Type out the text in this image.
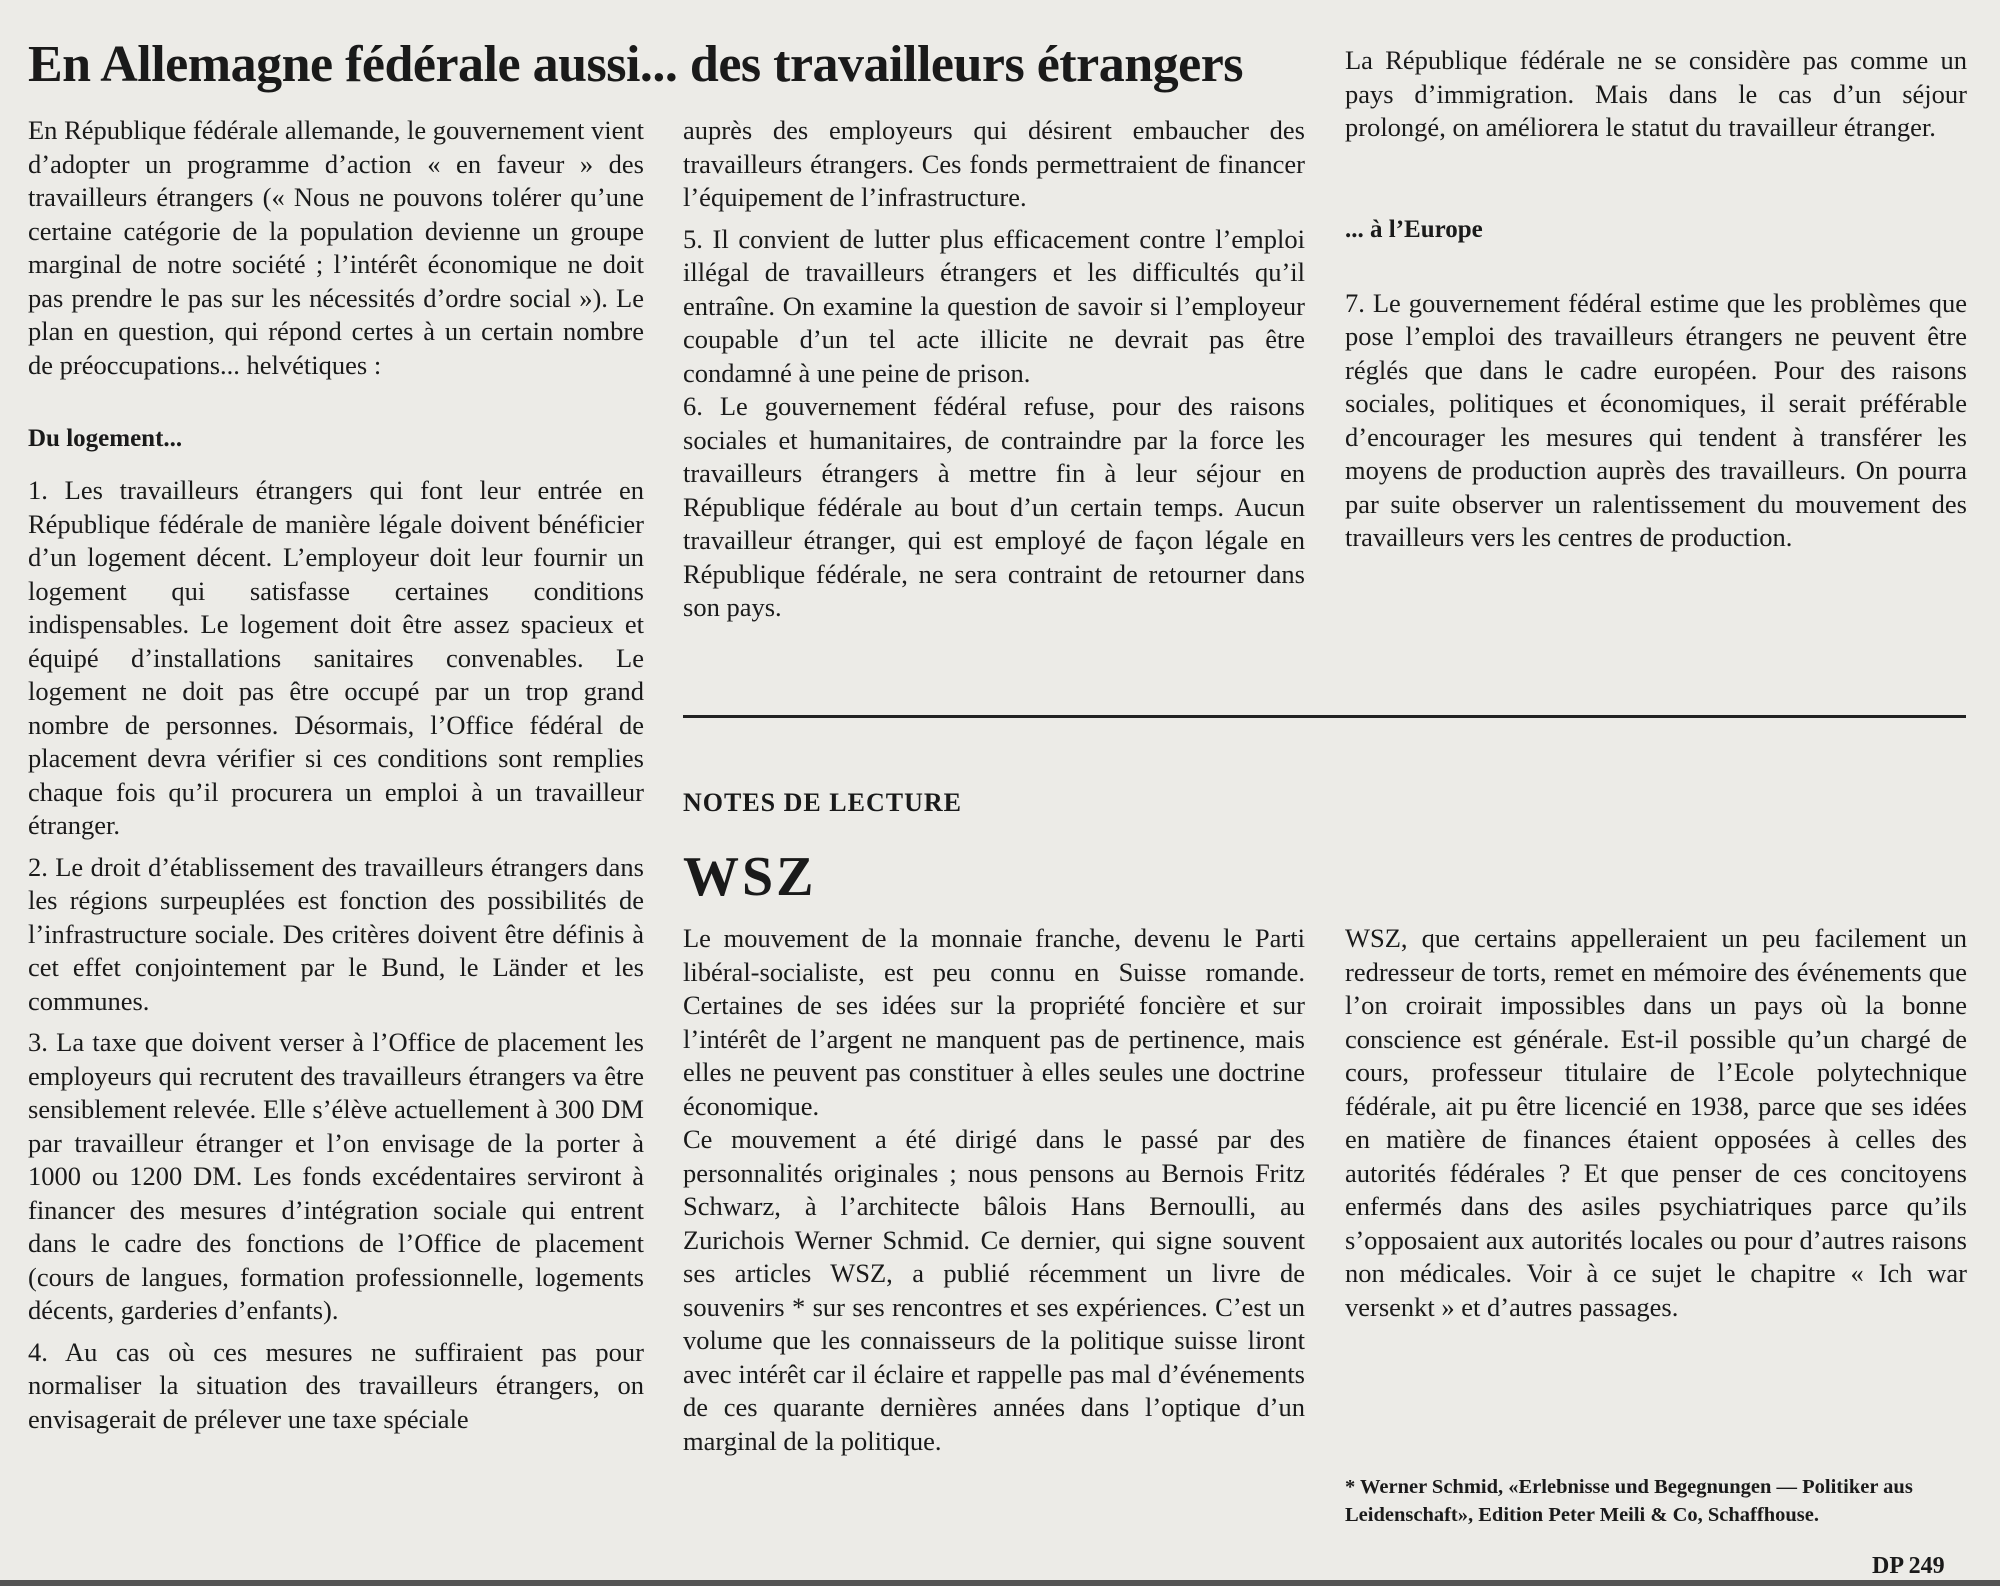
En Allemagne fédérale aussi... des travailleurs étrangers

En République fédérale allemande, le gouvernement vient d’adopter un programme d’action « en faveur » des travailleurs étrangers (« Nous ne pouvons tolérer qu’une certaine catégorie de la population devienne un groupe marginal de notre société ; l’intérêt économique ne doit pas prendre le pas sur les nécessités d’ordre social »). Le plan en question, qui répond certes à un certain nombre de préoccupations... helvétiques :

Du logement...

1. Les travailleurs étrangers qui font leur entrée en République fédérale de manière légale doivent bénéficier d’un logement décent. L’employeur doit leur fournir un logement qui satisfasse certaines conditions indispensables. Le logement doit être assez spacieux et équipé d’installations sanitaires convenables. Le logement ne doit pas être occupé par un trop grand nombre de personnes. Désormais, l’Office fédéral de placement devra vérifier si ces conditions sont remplies chaque fois qu’il procurera un emploi à un travailleur étranger.

2. Le droit d’établissement des travailleurs étrangers dans les régions surpeuplées est fonction des possibilités de l’infrastructure sociale. Des critères doivent être définis à cet effet conjointement par le Bund, le Länder et les communes.

3. La taxe que doivent verser à l’Office de placement les employeurs qui recrutent des travailleurs étrangers va être sensiblement relevée. Elle s’élève actuellement à 300 DM par travailleur étranger et l’on envisage de la porter à 1000 ou 1200 DM. Les fonds excédentaires serviront à financer des mesures d’intégration sociale qui entrent dans le cadre des fonctions de l’Office de placement (cours de langues, formation professionnelle, logements décents, garderies d’enfants).

4. Au cas où ces mesures ne suffiraient pas pour normaliser la situation des travailleurs étrangers, on envisagerait de prélever une taxe spéciale

auprès des employeurs qui désirent embaucher des travailleurs étrangers. Ces fonds permettraient de financer l’équipement de l’infrastructure.

5. Il convient de lutter plus efficacement contre l’emploi illégal de travailleurs étrangers et les difficultés qu’il entraîne. On examine la question de savoir si l’employeur coupable d’un tel acte illicite ne devrait pas être condamné à une peine de prison.

6. Le gouvernement fédéral refuse, pour des raisons sociales et humanitaires, de contraindre par la force les travailleurs étrangers à mettre fin à leur séjour en République fédérale au bout d’un certain temps. Aucun travailleur étranger, qui est employé de façon légale en République fédérale, ne sera contraint de retourner dans son pays.

La République fédérale ne se considère pas comme un pays d’immigration. Mais dans le cas d’un séjour prolongé, on améliorera le statut du travailleur étranger.

... à l’Europe

7. Le gouvernement fédéral estime que les problèmes que pose l’emploi des travailleurs étrangers ne peuvent être réglés que dans le cadre européen. Pour des raisons sociales, politiques et économiques, il serait préférable d’encourager les mesures qui tendent à transférer les moyens de production auprès des travailleurs. On pourra par suite observer un ralentissement du mouvement des travailleurs vers les centres de production.

NOTES DE LECTURE
WSZ

Le mouvement de la monnaie franche, devenu le Parti libéral-socialiste, est peu connu en Suisse romande. Certaines de ses idées sur la propriété foncière et sur l’intérêt de l’argent ne manquent pas de pertinence, mais elles ne peuvent pas constituer à elles seules une doctrine économique.

Ce mouvement a été dirigé dans le passé par des personnalités originales ; nous pensons au Bernois Fritz Schwarz, à l’architecte bâlois Hans Bernoulli, au Zurichois Werner Schmid. Ce dernier, qui signe souvent ses articles WSZ, a publié récemment un livre de souvenirs * sur ses rencontres et ses expériences. C’est un volume que les connaisseurs de la politique suisse liront avec intérêt car il éclaire et rappelle pas mal d’événements de ces quarante dernières années dans l’optique d’un marginal de la politique.

WSZ, que certains appelleraient un peu facilement un redresseur de torts, remet en mémoire des événements que l’on croirait impossibles dans un pays où la bonne conscience est générale. Est-il possible qu’un chargé de cours, professeur titulaire de l’Ecole polytechnique fédérale, ait pu être licencié en 1938, parce que ses idées en matière de finances étaient opposées à celles des autorités fédérales ? Et que penser de ces concitoyens enfermés dans des asiles psychiatriques parce qu’ils s’opposaient aux autorités locales ou pour d’autres raisons non médicales. Voir à ce sujet le chapitre « Ich war versenkt » et d’autres passages.

* Werner Schmid, «Erlebnisse und Begegnungen — Politiker aus Leidenschaft», Edition Peter Meili & Co, Schaffhouse.

DP 249
